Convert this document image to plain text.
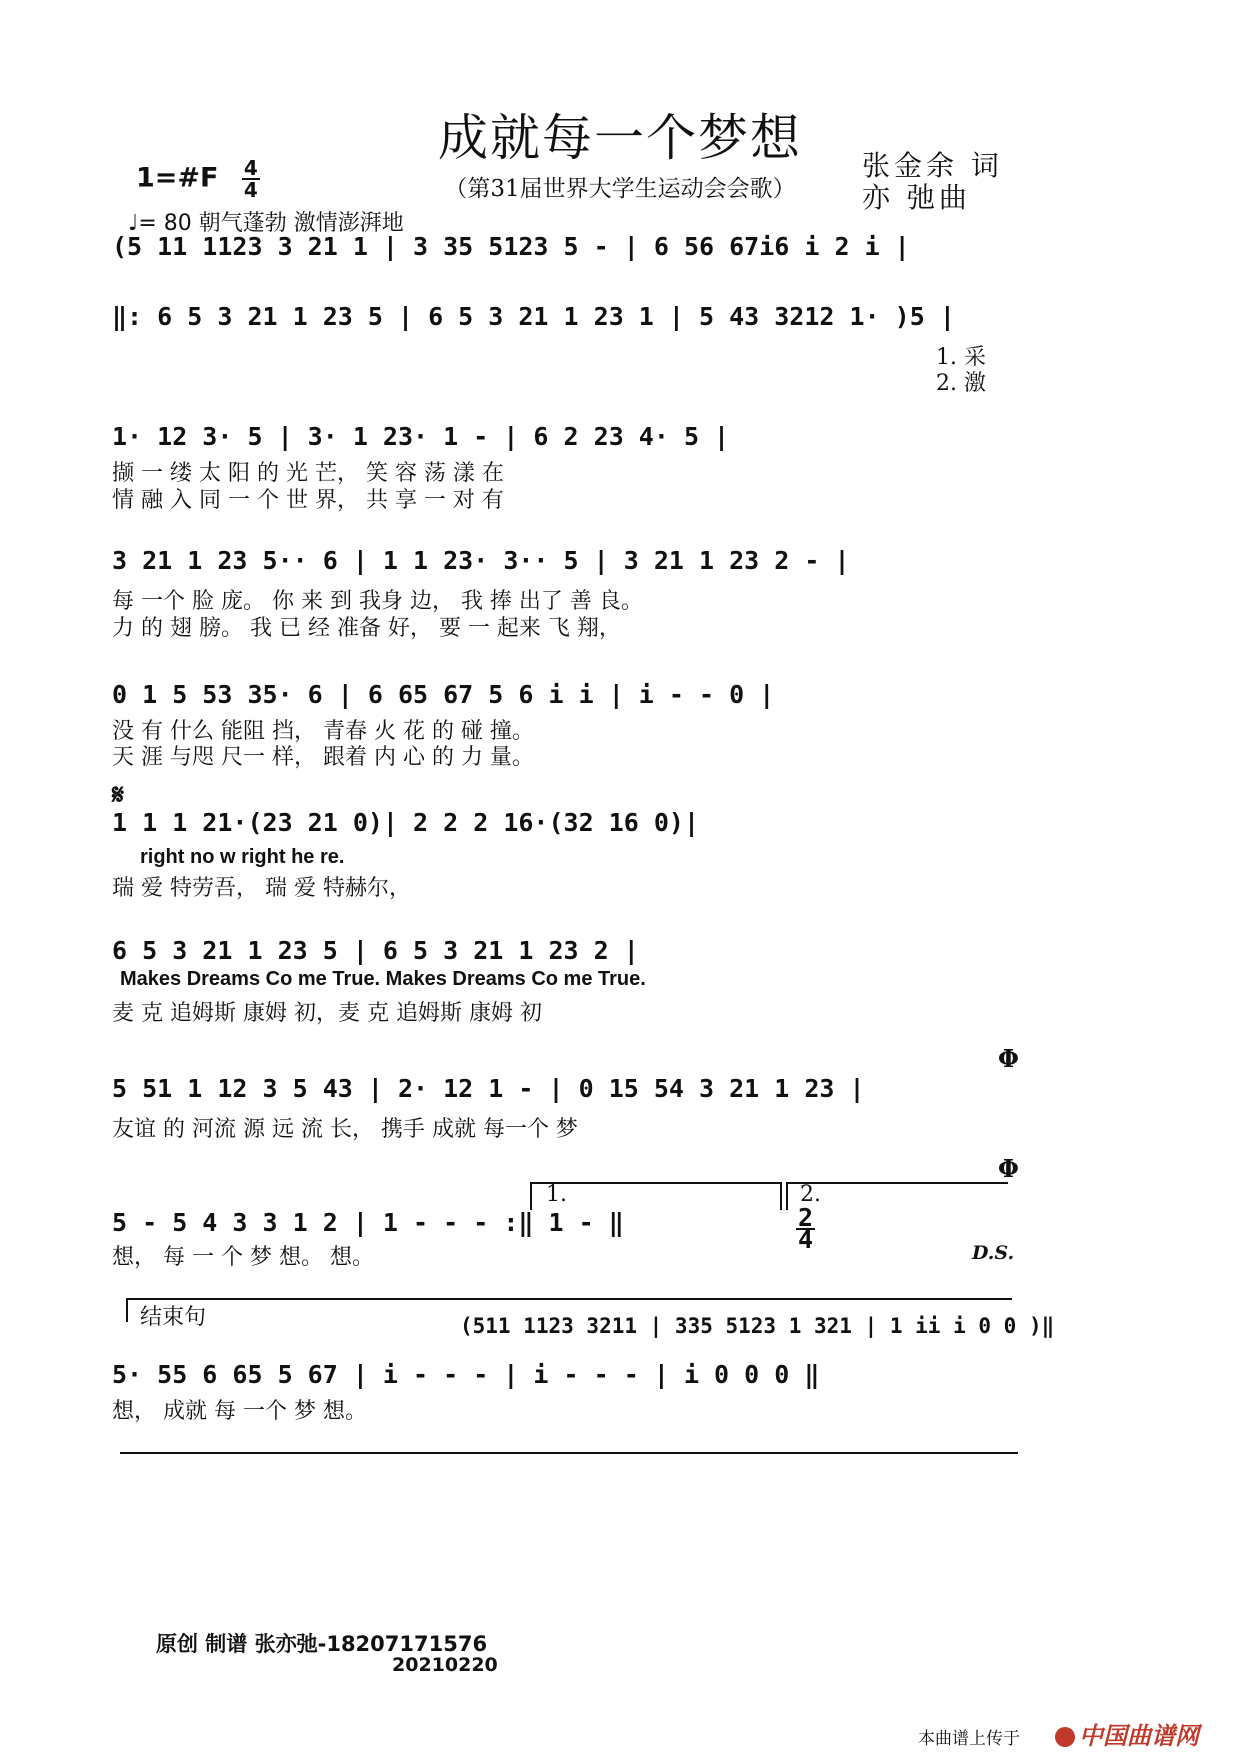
成就每一个梦想
（第31届世界大学生运动会会歌）
张金余 词
亦 弛曲
1=#F $\frac{4}{4}$
♩= 80 朝气蓬勃 激情澎湃地
(5 11 1123 3 21 1 | 3 35 5123 5 - | 6 56 67i6 i 2 i |
‖: 6 5 3 21 1 23 5 | 6 5 3 21 1 23 1 | 5 43 3212 1· )5 |
1. 采
2. 激
1· 12 3· 5 | 3· 1 23· 1 - | 6 2 23 4· 5 |
撷 一 缕 太 阳 的 光 芒， 笑 容 荡 漾 在
情 融 入 同 一 个 世 界， 共 享 一 对 有
3 21 1 23 5·· 6 | 1 1 23· 3·· 5 | 3 21 1 23 2 - |
每 一个 脸 庞。 你 来 到 我身 边， 我 捧 出了 善 良。
力 的 翅 膀。 我 已 经 准备 好， 要 一 起来 飞 翔，
0 1 5 53 35· 6 | 6 65 67 5 6 i i | i - - 0 |
没 有 什么 能阻 挡， 青春 火 花 的 碰 撞。
天 涯 与咫 尺一 样， 跟着 内 心 的 力 量。
1 1 1 21·(23 21 0)| 2 2 2 16·(32 16 0)|
right no w right he re.
瑞 爱 特劳吾， 瑞 爱 特赫尔，
6 5 3 21 1 23 5 | 6 5 3 21 1 23 2 |
Makes Dreams Co me True. Makes Dreams Co me True.
麦 克 追姆斯 康姆 初，麦 克 追姆斯 康姆 初
5 51 1 12 3 5 43 | 2· 12 1 - | 0 15 54 3 21 1 23 |
友谊 的 河流 源 远 流 长， 携手 成就 每一个 梦
5 - 5 4 3 3 1 2 | 1 - - - :‖ 1 - ‖
想， 每 一 个 梦 想。 想。
5· 55 6 65 5 67 | i - - - | i - - - | i 0 0 0 ‖
想， 成就 每 一个 梦 想。
结束句	(511 1123 3211 | 335 5123 1 321 | 1 ii i 0 0 )‖
1.	2.
$\frac{2}{4}$
𝄋
Φ
Φ
D.S.
原创 制谱 张亦弛-18207171576
20210220
本曲谱上传于	中国曲谱网
